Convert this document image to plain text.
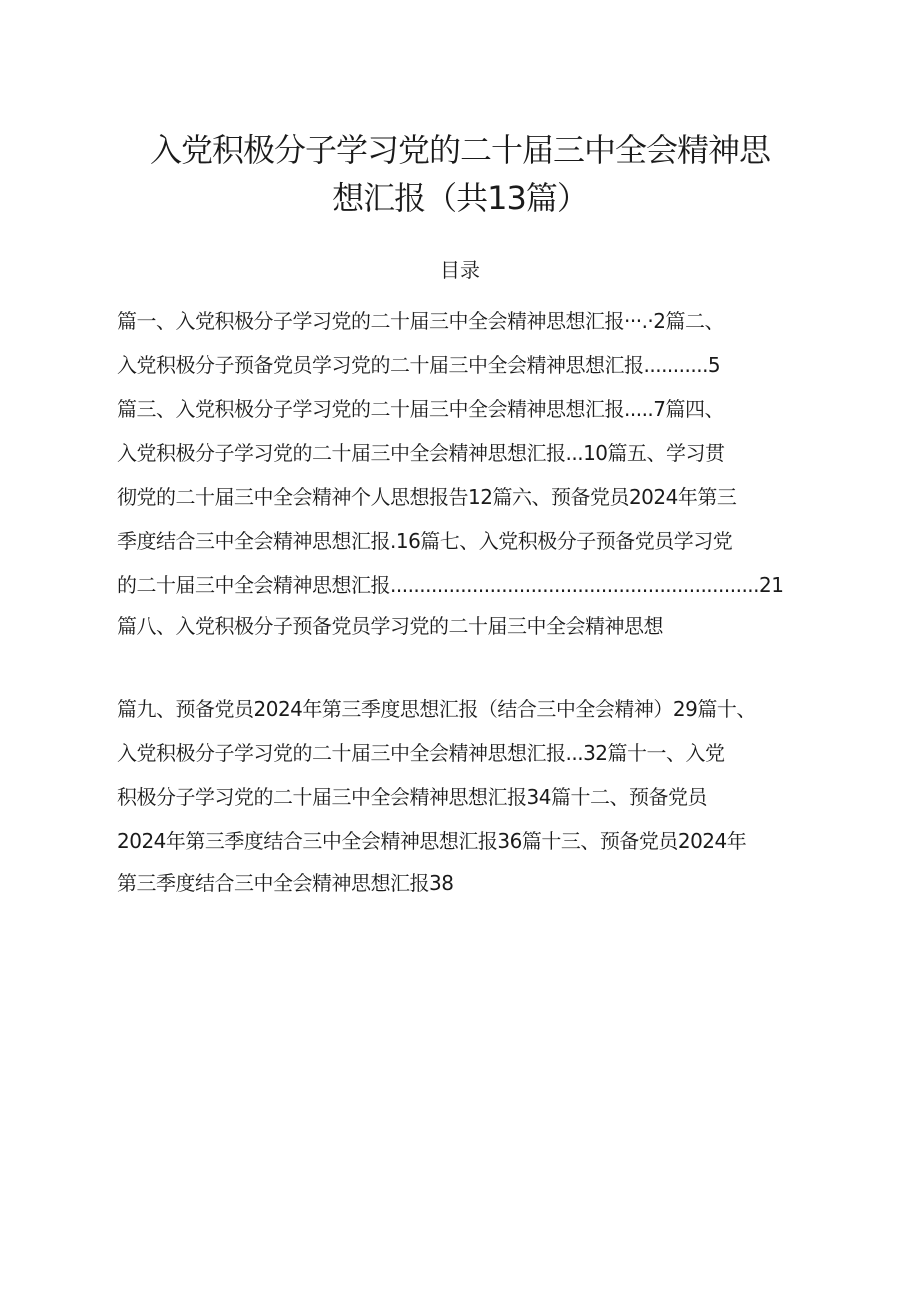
入党积极分子学习党的二十届三中全会精神思
想汇报（共13篇）
目录

篇一、入党积极分子学习党的二十届三中全会精神思想汇报···.·2篇二、

入党积极分子预备党员学习党的二十届三中全会精神思想汇报...........5

篇三、入党积极分子学习党的二十届三中全会精神思想汇报.....7篇四、

入党积极分子学习党的二十届三中全会精神思想汇报...10篇五、学习贯

彻党的二十届三中全会精神个人思想报告12篇六、预备党员2024年第三

季度结合三中全会精神思想汇报.16篇七、入党积极分子预备党员学习党

的二十届三中全会精神思想汇报...............................................................21

篇八、入党积极分子预备党员学习党的二十届三中全会精神思想

篇九、预备党员2024年第三季度思想汇报（结合三中全会精神）29篇十、

入党积极分子学习党的二十届三中全会精神思想汇报...32篇十一、入党

积极分子学习党的二十届三中全会精神思想汇报34篇十二、预备党员

2024年第三季度结合三中全会精神思想汇报36篇十三、预备党员2024年

第三季度结合三中全会精神思想汇报38
